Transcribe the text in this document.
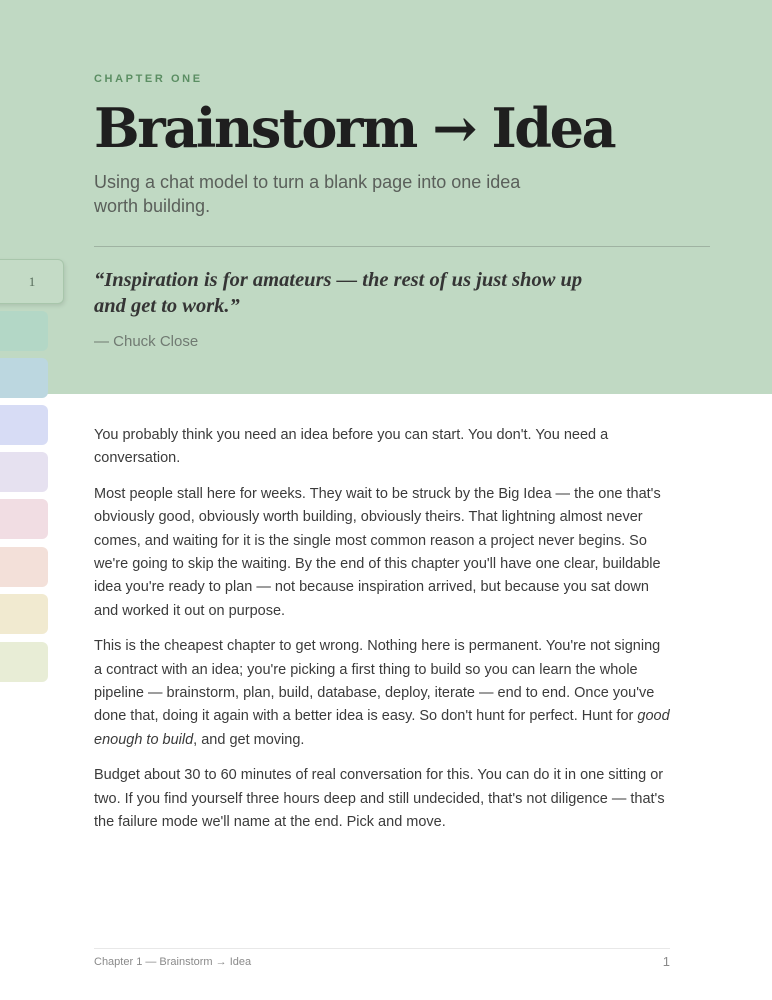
CHAPTER ONE
Brainstorm → Idea

Using a chat model to turn a blank page into one idea worth building.

“Inspiration is for amateurs — the rest of us just show up and get to work.”

— Chuck Close
1

You probably think you need an idea before you can start. You don't. You need a conversation.

Most people stall here for weeks. They wait to be struck by the Big Idea — the one that's obviously good, obviously worth building, obviously theirs. That lightning almost never comes, and waiting for it is the single most common reason a project never begins. So we're going to skip the waiting. By the end of this chapter you'll have one clear, buildable idea you're ready to plan — not because inspiration arrived, but because you sat down and worked it out on purpose.

This is the cheapest chapter to get wrong. Nothing here is permanent. You're not signing a contract with an idea; you're picking a first thing to build so you can learn the whole pipeline — brainstorm, plan, build, database, deploy, iterate — end to end. Once you've done that, doing it again with a better idea is easy. So don't hunt for perfect. Hunt for good enough to build, and get moving.

Budget about 30 to 60 minutes of real conversation for this. You can do it in one sitting or two. If you find yourself three hours deep and still undecided, that's not diligence — that's the failure mode we'll name at the end. Pick and move.

Chapter 1 — Brainstorm → Idea	1
